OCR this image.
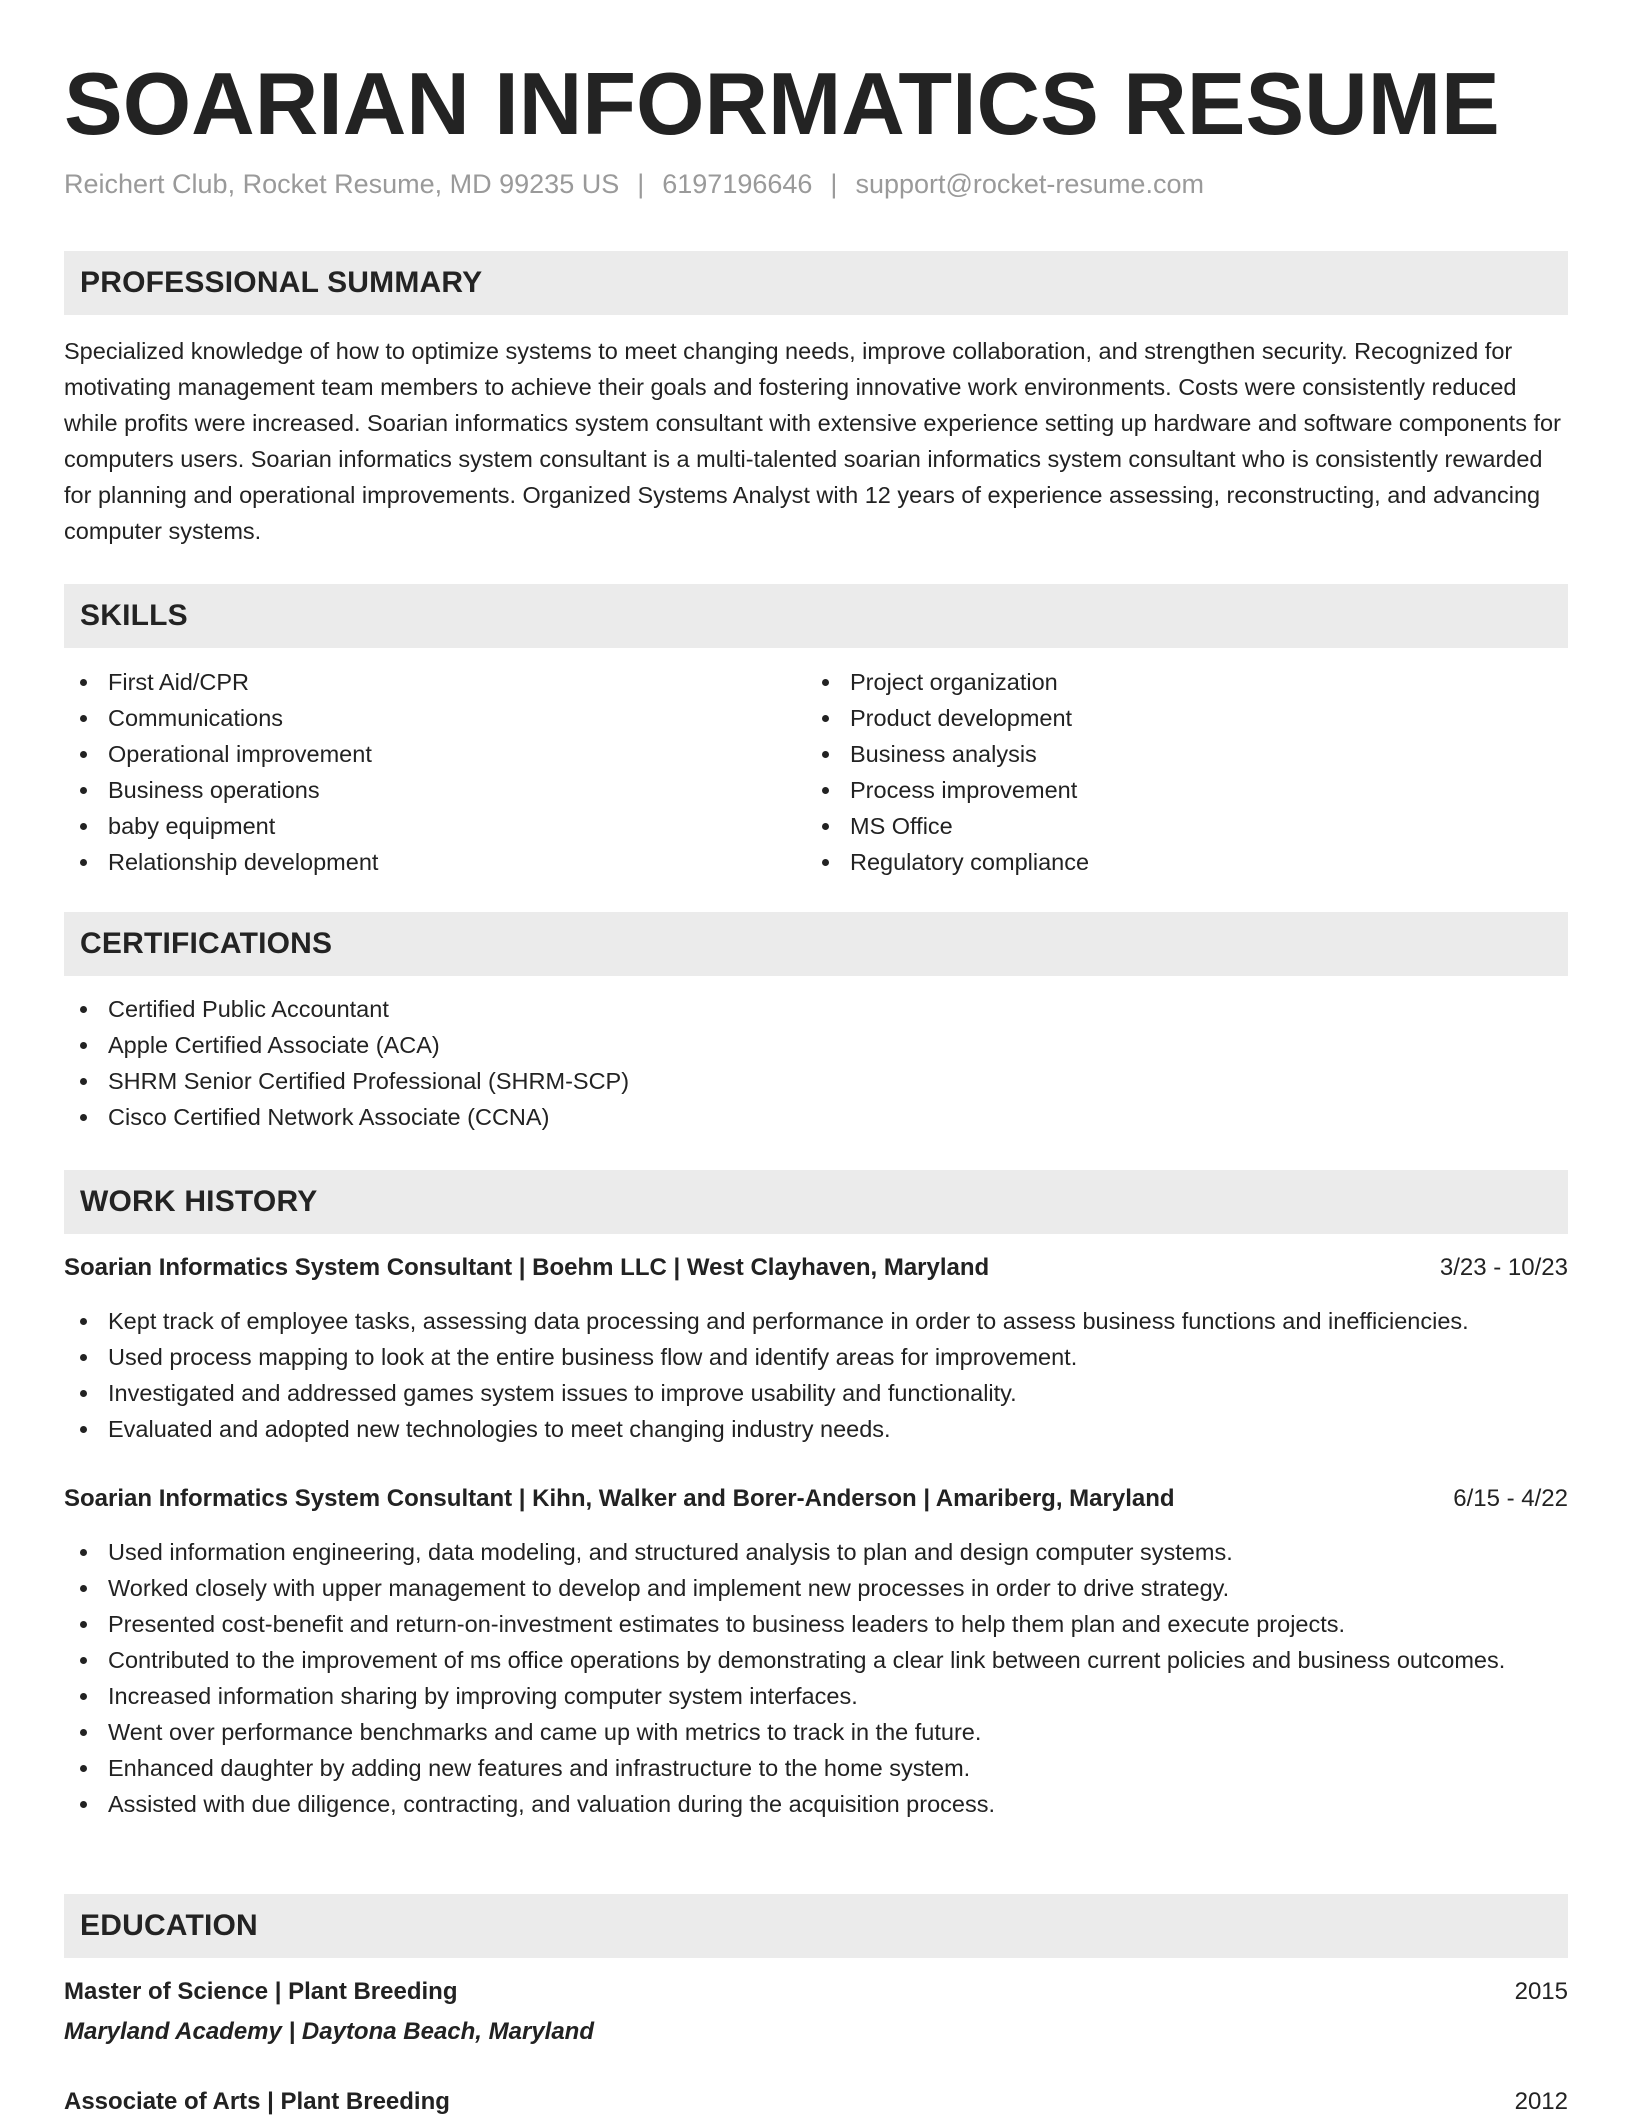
SOARIAN INFORMATICS RESUME
Reichert Club, Rocket Resume, MD 99235 US | 6197196646 | support@rocket-resume.com
PROFESSIONAL SUMMARY

Specialized knowledge of how to optimize systems to meet changing needs, improve collaboration, and strengthen security. Recognized for motivating management team members to achieve their goals and fostering innovative work environments. Costs were consistently reduced while profits were increased. Soarian informatics system consultant with extensive experience setting up hardware and software components for computers users. Soarian informatics system consultant is a multi-talented soarian informatics system consultant who is consistently rewarded for planning and operational improvements. Organized Systems Analyst with 12 years of experience assessing, reconstructing, and advancing computer systems.

SKILLS
First Aid/CPR
Communications
Operational improvement
Business operations
baby equipment
Relationship development
Project organization
Product development
Business analysis
Process improvement
MS Office
Regulatory compliance
CERTIFICATIONS
Certified Public Accountant
Apple Certified Associate (ACA)
SHRM Senior Certified Professional (SHRM-SCP)
Cisco Certified Network Associate (CCNA)
WORK HISTORY
Soarian Informatics System Consultant | Boehm LLC | West Clayhaven, Maryland	3/23 - 10/23
Kept track of employee tasks, assessing data processing and performance in order to assess business functions and inefficiencies.
Used process mapping to look at the entire business flow and identify areas for improvement.
Investigated and addressed games system issues to improve usability and functionality.
Evaluated and adopted new technologies to meet changing industry needs.
Soarian Informatics System Consultant | Kihn, Walker and Borer-Anderson | Amariberg, Maryland	6/15 - 4/22
Used information engineering, data modeling, and structured analysis to plan and design computer systems.
Worked closely with upper management to develop and implement new processes in order to drive strategy.
Presented cost-benefit and return-on-investment estimates to business leaders to help them plan and execute projects.
Contributed to the improvement of ms office operations by demonstrating a clear link between current policies and business outcomes.
Increased information sharing by improving computer system interfaces.
Went over performance benchmarks and came up with metrics to track in the future.
Enhanced daughter by adding new features and infrastructure to the home system.
Assisted with due diligence, contracting, and valuation during the acquisition process.
EDUCATION
Master of Science | Plant Breeding	2015
Maryland Academy | Daytona Beach, Maryland
Associate of Arts | Plant Breeding	2012
